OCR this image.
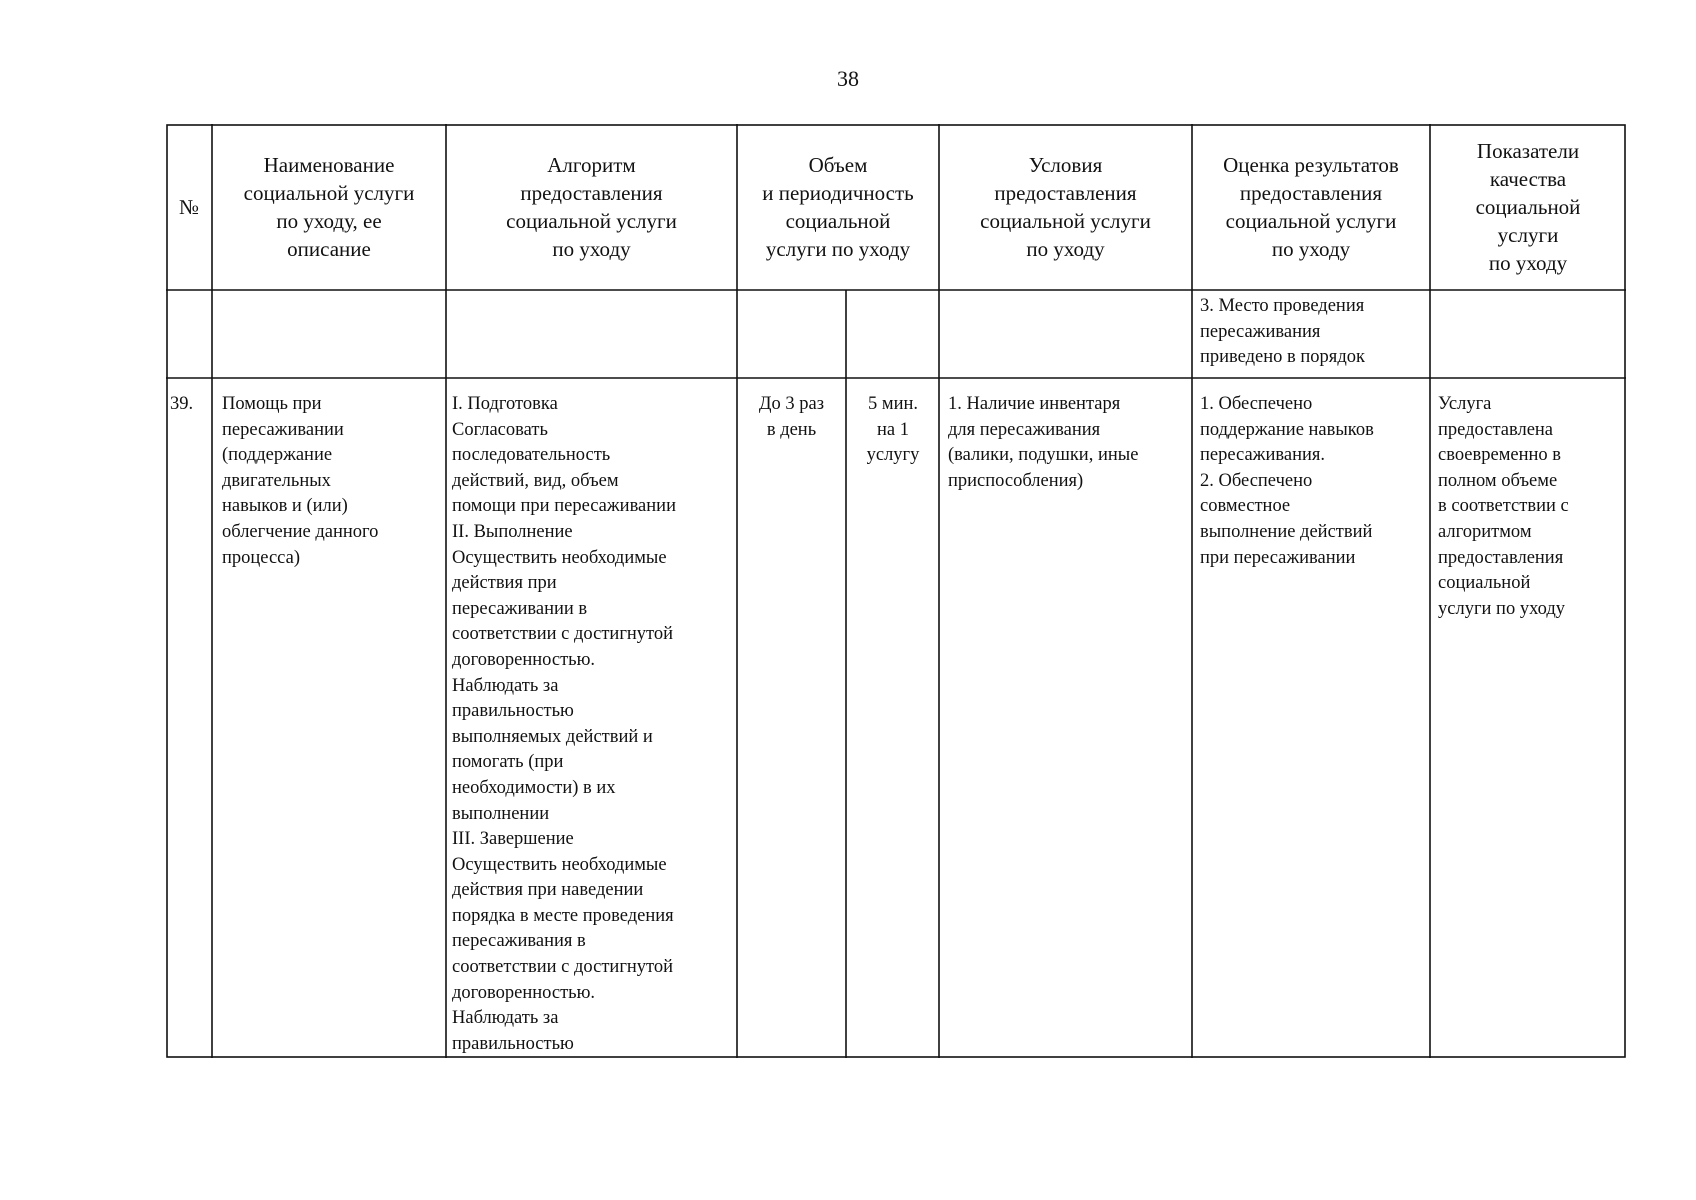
38
№
Наименование
социальной услуги
по уходу, ее
описание
Алгоритм
предоставления
социальной услуги
по уходу
Объем
и периодичность
социальной
услуги по уходу
Условия
предоставления
социальной услуги
по уходу
Оценка результатов
предоставления
социальной услуги
по уходу
Показатели
качества
социальной
услуги
по уходу
3. Место проведения
пересаживания
приведено в порядок
39.	Помощь при
пересаживании
(поддержание
двигательных
навыков и (или)
облегчение данного
процесса)
I. Подготовка
Согласовать
последовательность
действий, вид, объем
помощи при пересаживании
II. Выполнение
Осуществить необходимые
действия при
пересаживании в
соответствии с достигнутой
договоренностью.
Наблюдать за
правильностью
выполняемых действий и
помогать (при
необходимости) в их
выполнении
III. Завершение
Осуществить необходимые
действия при наведении
порядка в месте проведения
пересаживания в
соответствии с достигнутой
договоренностью.
Наблюдать за
правильностью
До 3 раз
в день
5 мин.
на 1
услугу
1. Наличие инвентаря
для пересаживания
(валики, подушки, иные
приспособления)
1. Обеспечено
поддержание навыков
пересаживания.
2. Обеспечено
совместное
выполнение действий
при пересаживании
Услуга
предоставлена
своевременно в
полном объеме
в соответствии с
алгоритмом
предоставления
социальной
услуги по уходу
